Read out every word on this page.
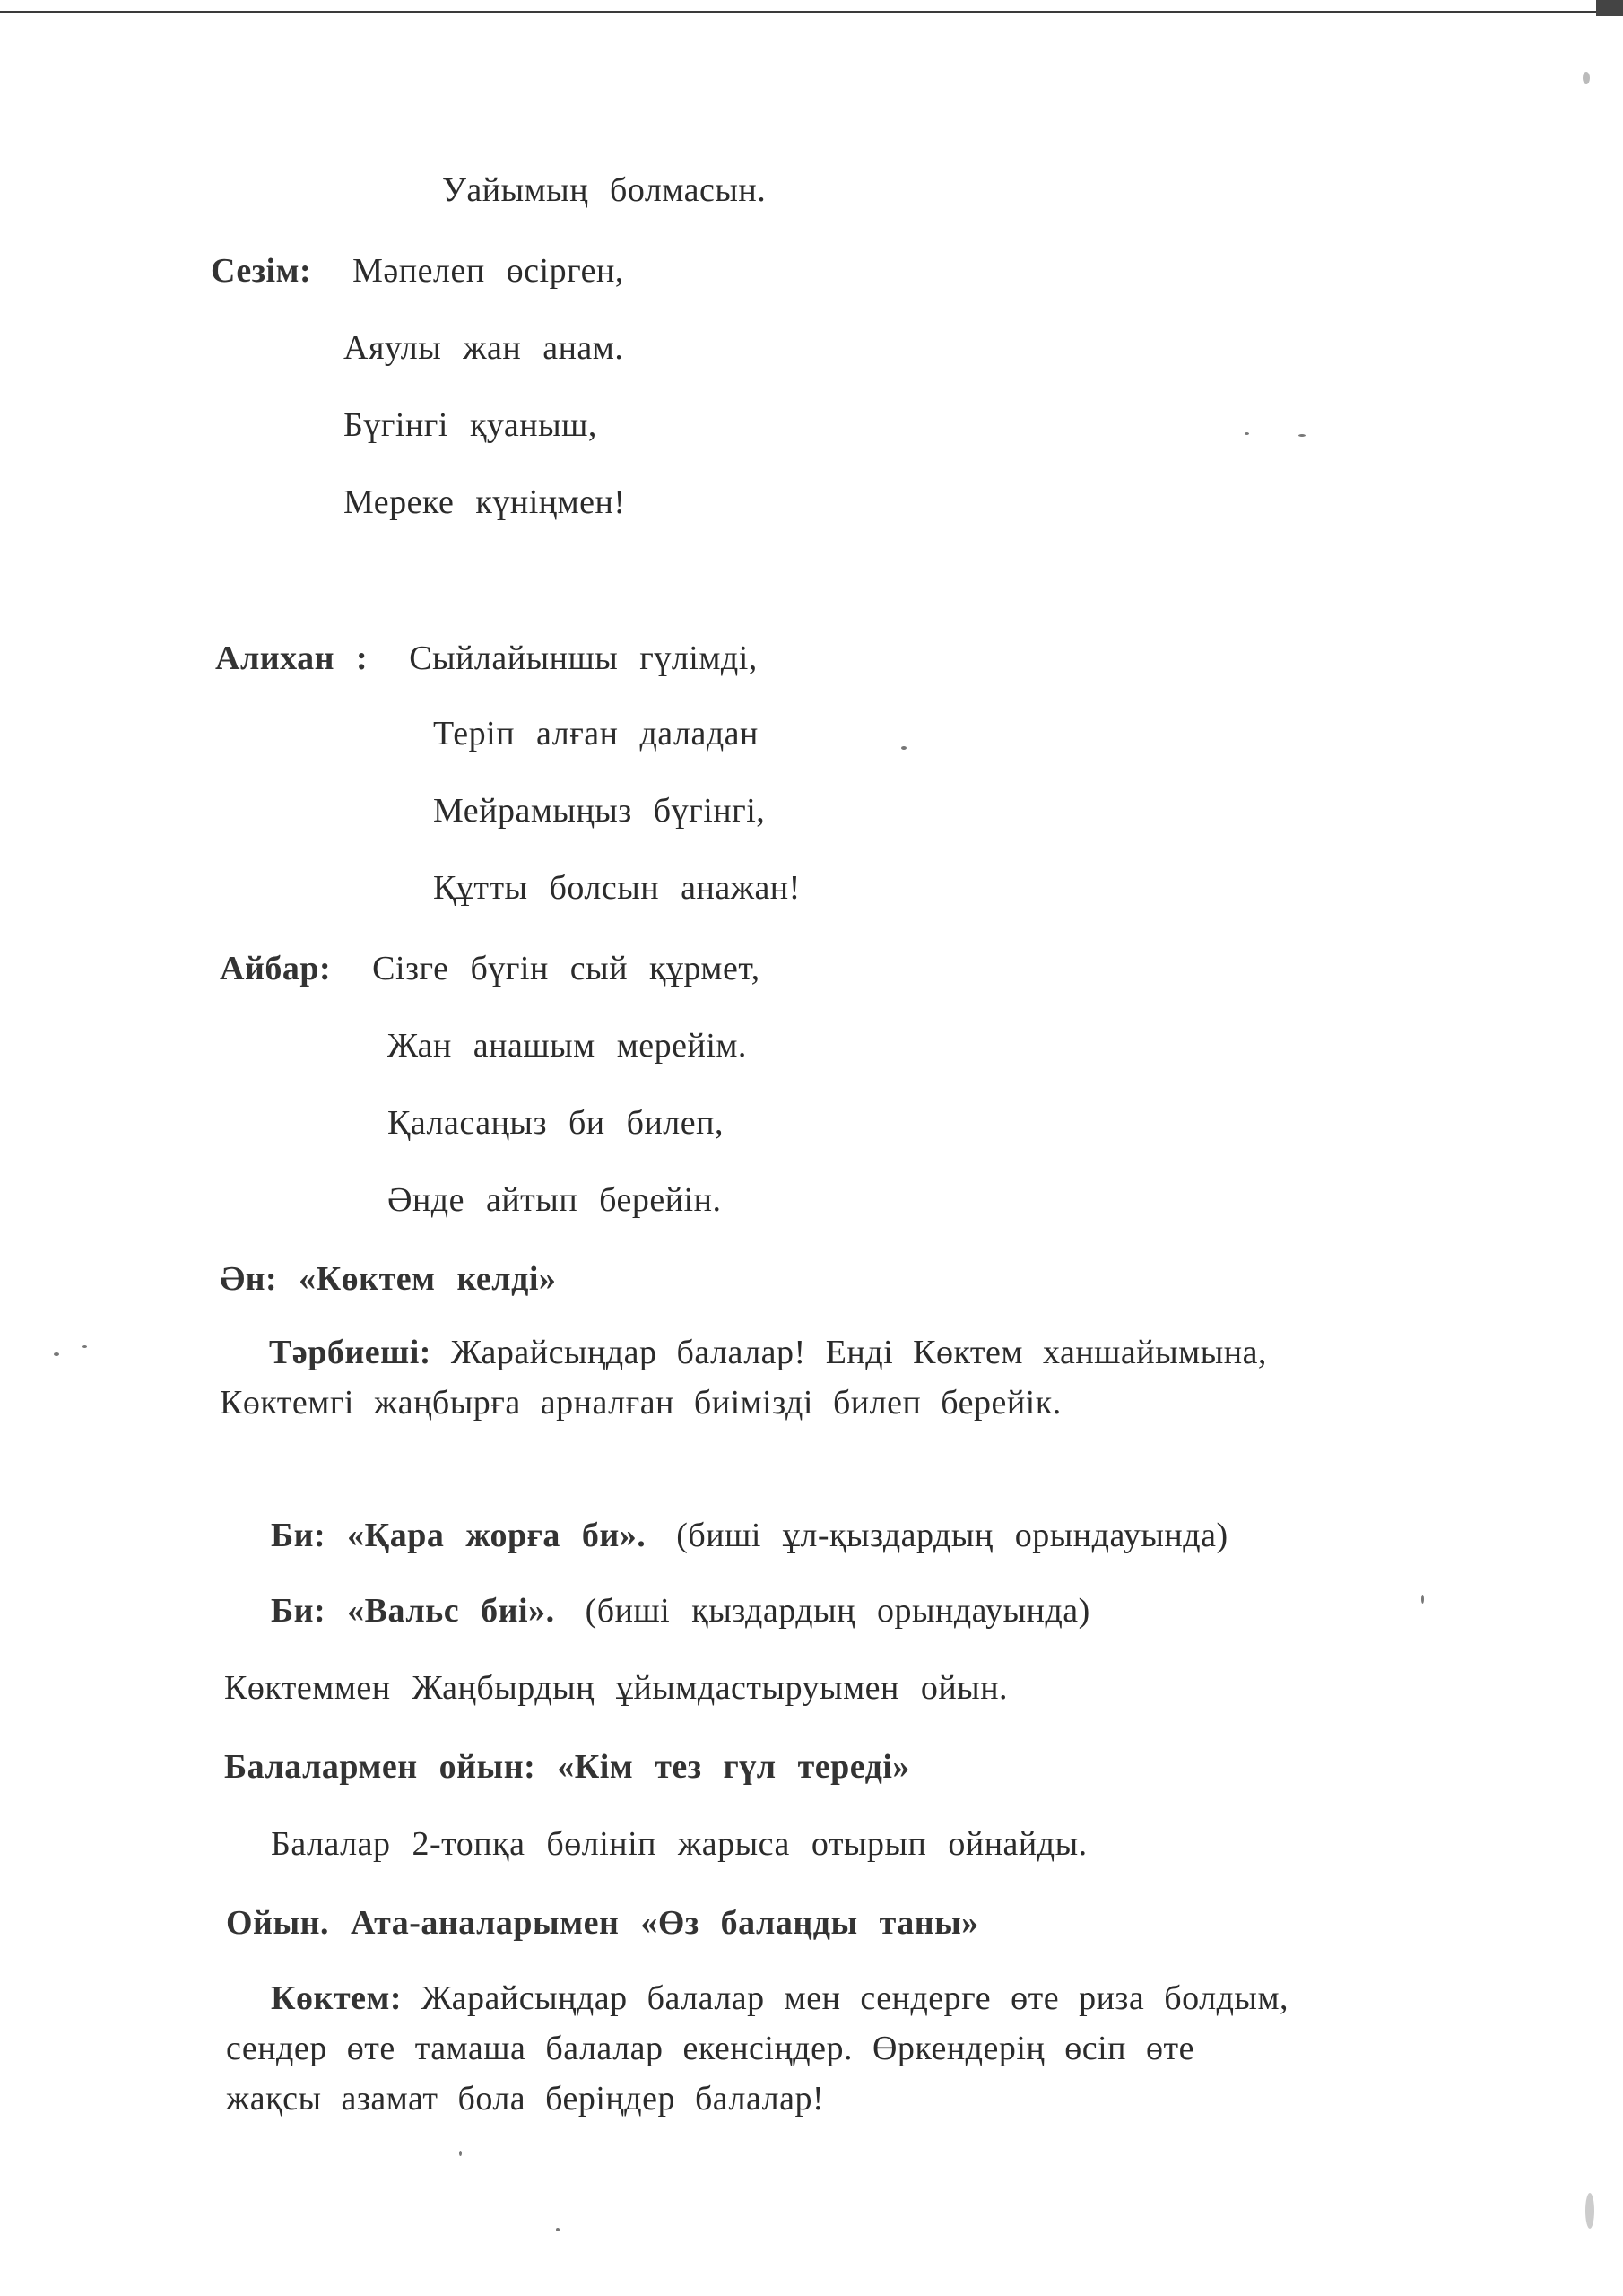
Уайымың болмасын.
Сезім: Мәпелеп өсірген,
Аяулы жан анам.
Бүгінгі қуаныш,
Мереке күніңмен!
Алихан : Сыйлайыншы гүлімді,
Теріп алған даладан
Мейрамыңыз бүгінгі,
Құтты болсын анажан!
Айбар: Сізге бүгін сый құрмет,
Жан анашым мерейім.
Қаласаңыз би билеп,
Әнде айтып берейін.
Ән: «Көктем келді»
Тәрбиеші: Жарайсыңдар балалар! Енді Көктем ханшайымына, Көктемгі жаңбырға арналған биімізді билеп берейік.
Би: «Қара жорға би». (биші ұл-қыздардың орындауында)
Би: «Вальс биі». (биші қыздардың орындауында)
Көктеммен Жаңбырдың ұйымдастыруымен ойын.
Балалармен ойын: «Кім тез гүл тереді»
Балалар 2-топқа бөлініп жарыса отырып ойнайды.
Ойын. Ата-аналарымен «Өз балаңды таны»
Көктем: Жарайсыңдар балалар мен сендерге өте риза болдым, сендер өте тамаша балалар екенсіңдер. Өркендерің өсіп өте жақсы азамат бола беріңдер балалар!
